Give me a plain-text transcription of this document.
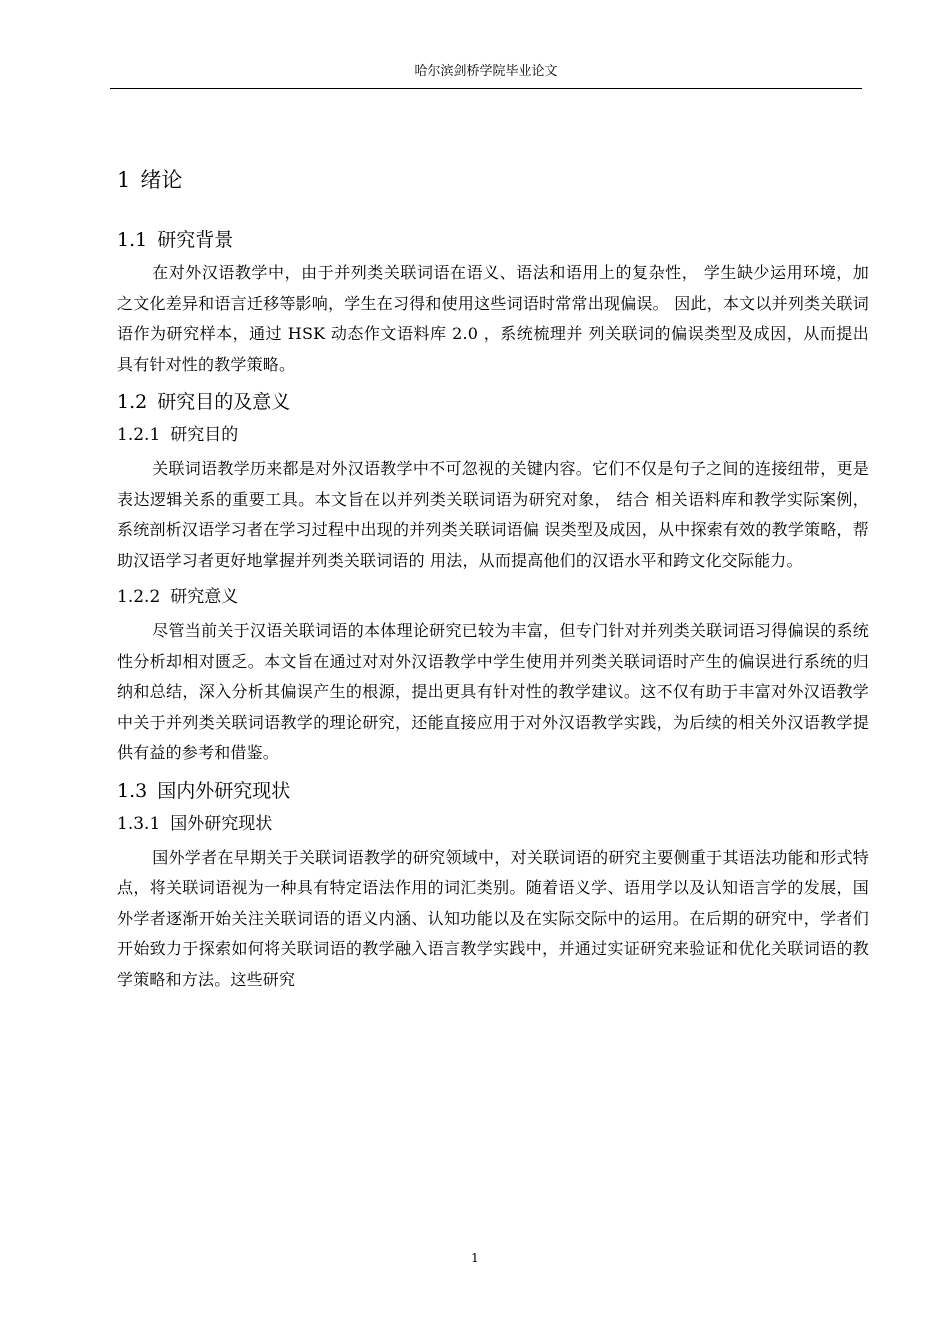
哈尔滨剑桥学院毕业论文
1 绪论
1.1 研究背景

在对外汉语教学中，由于并列类关联词语在语义、语法和语用上的复杂性， 学生缺少运用环境，加之文化差异和语言迁移等影响，学生在习得和使用这些词语时常常出现偏误。 因此，本文以并列类关联词语作为研究样本，通过 HSK 动态作文语料库 2.0 ，系统梳理并 列关联词的偏误类型及成因，从而提出具有针对性的教学策略。

1.2 研究目的及意义
1.2.1 研究目的

关联词语教学历来都是对外汉语教学中不可忽视的关键内容。它们不仅是句子之间的连接纽带，更是表达逻辑关系的重要工具。本文旨在以并列类关联词语为研究对象， 结合 相关语料库和教学实际案例，系统剖析汉语学习者在学习过程中出现的并列类关联词语偏 误类型及成因，从中探索有效的教学策略，帮助汉语学习者更好地掌握并列类关联词语的 用法，从而提高他们的汉语水平和跨文化交际能力。

1.2.2 研究意义

尽管当前关于汉语关联词语的本体理论研究已较为丰富，但专门针对并列类关联词语习得偏误的系统性分析却相对匮乏。本文旨在通过对对外汉语教学中学生使用并列类关联词语时产生的偏误进行系统的归纳和总结，深入分析其偏误产生的根源，提出更具有针对性的教学建议。这不仅有助于丰富对外汉语教学中关于并列类关联词语教学的理论研究，还能直接应用于对外汉语教学实践，为后续的相关外汉语教学提供有益的参考和借鉴。

1.3 国内外研究现状
1.3.1 国外研究现状

国外学者在早期关于关联词语教学的研究领域中，对关联词语的研究主要侧重于其语法功能和形式特点，将关联词语视为一种具有特定语法作用的词汇类别。随着语义学、语用学以及认知语言学的发展，国外学者逐渐开始关注关联词语的语义内涵、认知功能以及在实际交际中的运用。在后期的研究中，学者们开始致力于探索如何将关联词语的教学融入语言教学实践中，并通过实证研究来验证和优化关联词语的教学策略和方法。这些研究

1
